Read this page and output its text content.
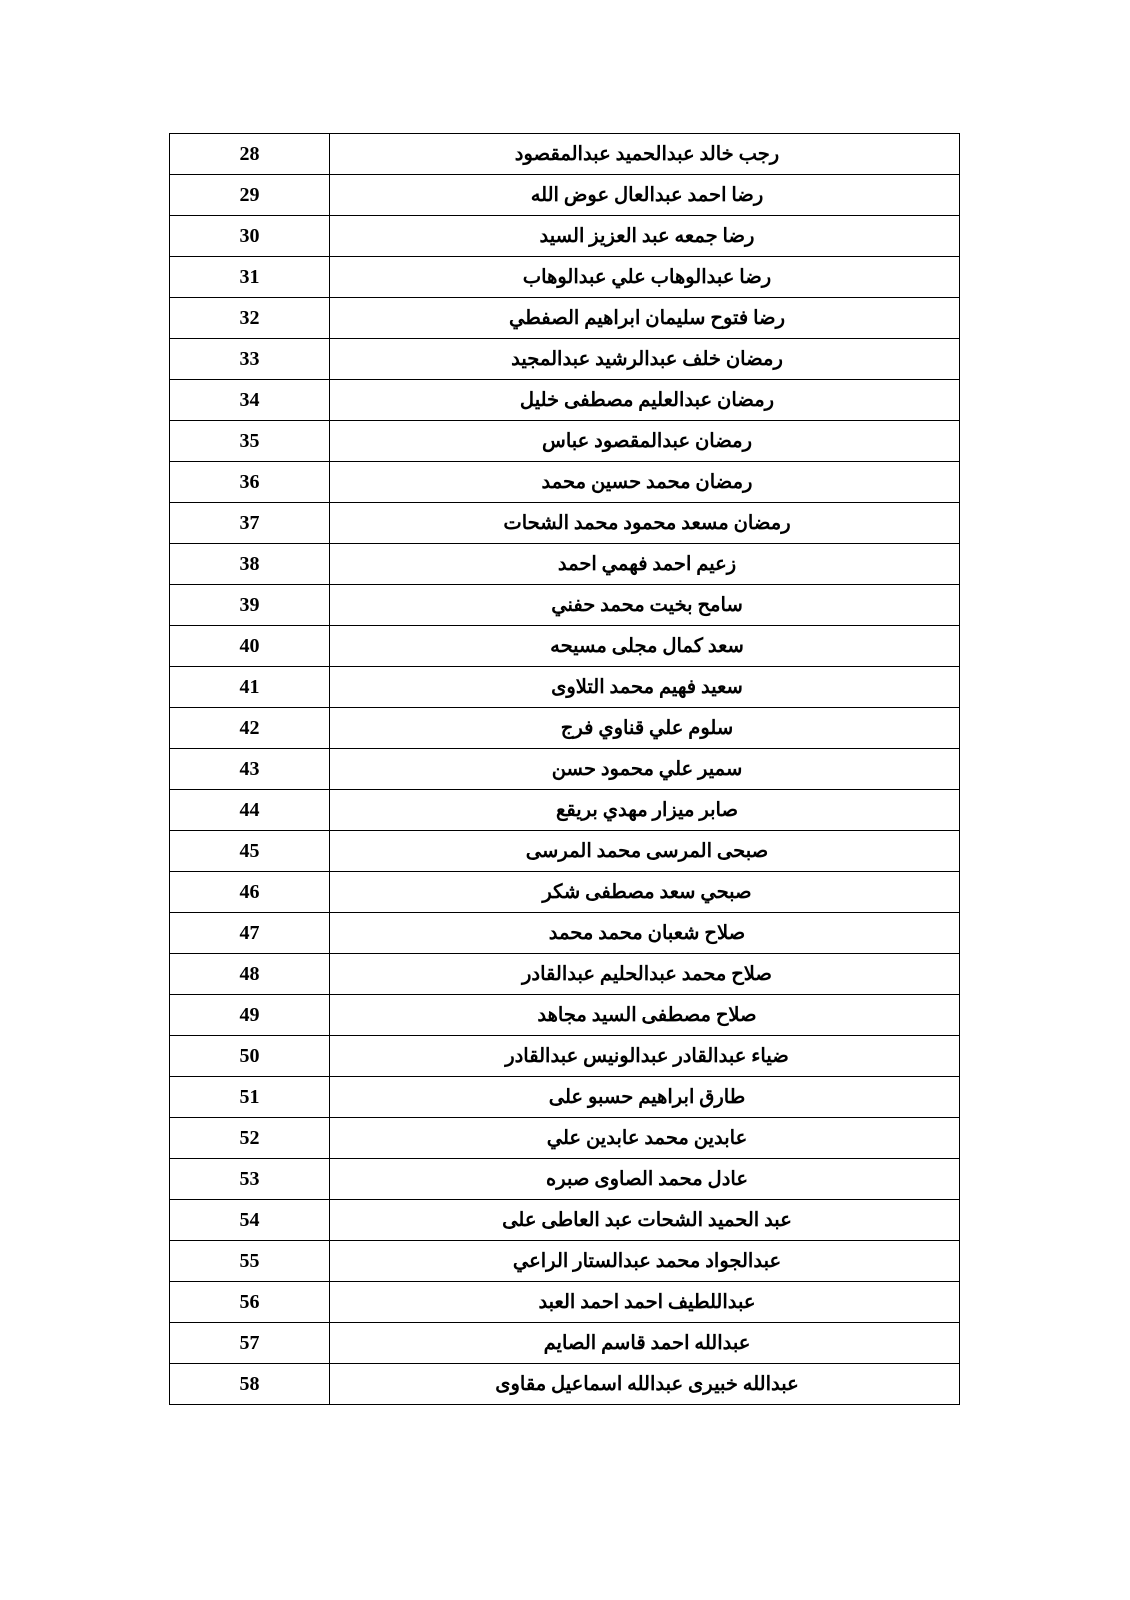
رجب خالد عبدالحميد عبدالمقصود	28

رضا احمد عبدالعال عوض الله	29

رضا جمعه عبد العزيز السيد	30

رضا عبدالوهاب علي عبدالوهاب	31

رضا فتوح سليمان ابراهيم الصفطي	32

رمضان خلف عبدالرشيد عبدالمجيد	33

رمضان عبدالعليم مصطفى خليل	34

رمضان عبدالمقصود عباس	35

رمضان محمد حسين محمد	36

رمضان مسعد محمود محمد الشحات	37

زعيم احمد فهمي احمد	38

سامح بخيت محمد حفني	39

سعد كمال مجلى مسيحه	40

سعيد فهيم محمد التلاوى	41

سلوم علي قناوي فرج	42

سمير علي محمود حسن	43

صابر ميزار مهدي بريقع	44

صبحى المرسى محمد المرسى	45

صبحي سعد مصطفى شكر	46

صلاح شعبان محمد محمد	47

صلاح محمد عبدالحليم عبدالقادر	48

صلاح مصطفى السيد مجاهد	49

ضياء عبدالقادر عبدالونيس عبدالقادر	50

طارق ابراهيم حسبو على	51

عابدين محمد عابدين علي	52

عادل محمد الصاوى صبره	53

عبد الحميد الشحات عبد العاطى على	54

عبدالجواد محمد عبدالستار الراعي	55

عبداللطيف احمد احمد العبد	56

عبدالله احمد قاسم الصايم	57

عبدالله خبيرى عبدالله اسماعيل مقاوى	58
